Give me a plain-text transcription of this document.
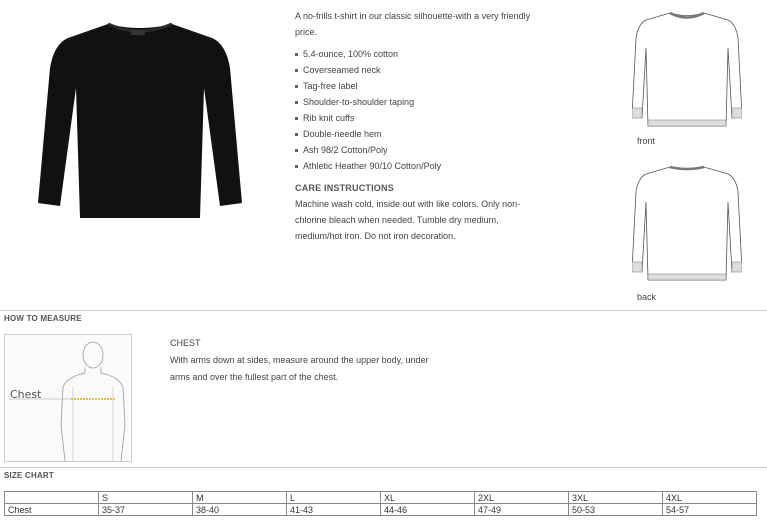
A no-frills t-shirt in our classic silhouette-with a very friendly price.

5.4-ounce, 100% cotton
Coverseamed neck
Tag-free label
Shoulder-to-shoulder taping
Rib knit cuffs
Double-needle hem
Ash 98/2 Cotton/Poly
Athletic Heather 90/10 Cotton/Poly

CARE INSTRUCTIONS

Machine wash cold, inside out with like colors. Only non-chlorine bleach when needed. Tumble dry medium, medium/hot iron. Do not iron decoration.

front
back
HOW TO MEASURE
Chest
CHEST
With arms down at sides, measure around the upper body, under arms and over the fullest part of the chest.
SIZE CHART
	S	M	L	XL	2XL	3XL	4XL
Chest	35-37	38-40	41-43	44-46	47-49	50-53	54-57
